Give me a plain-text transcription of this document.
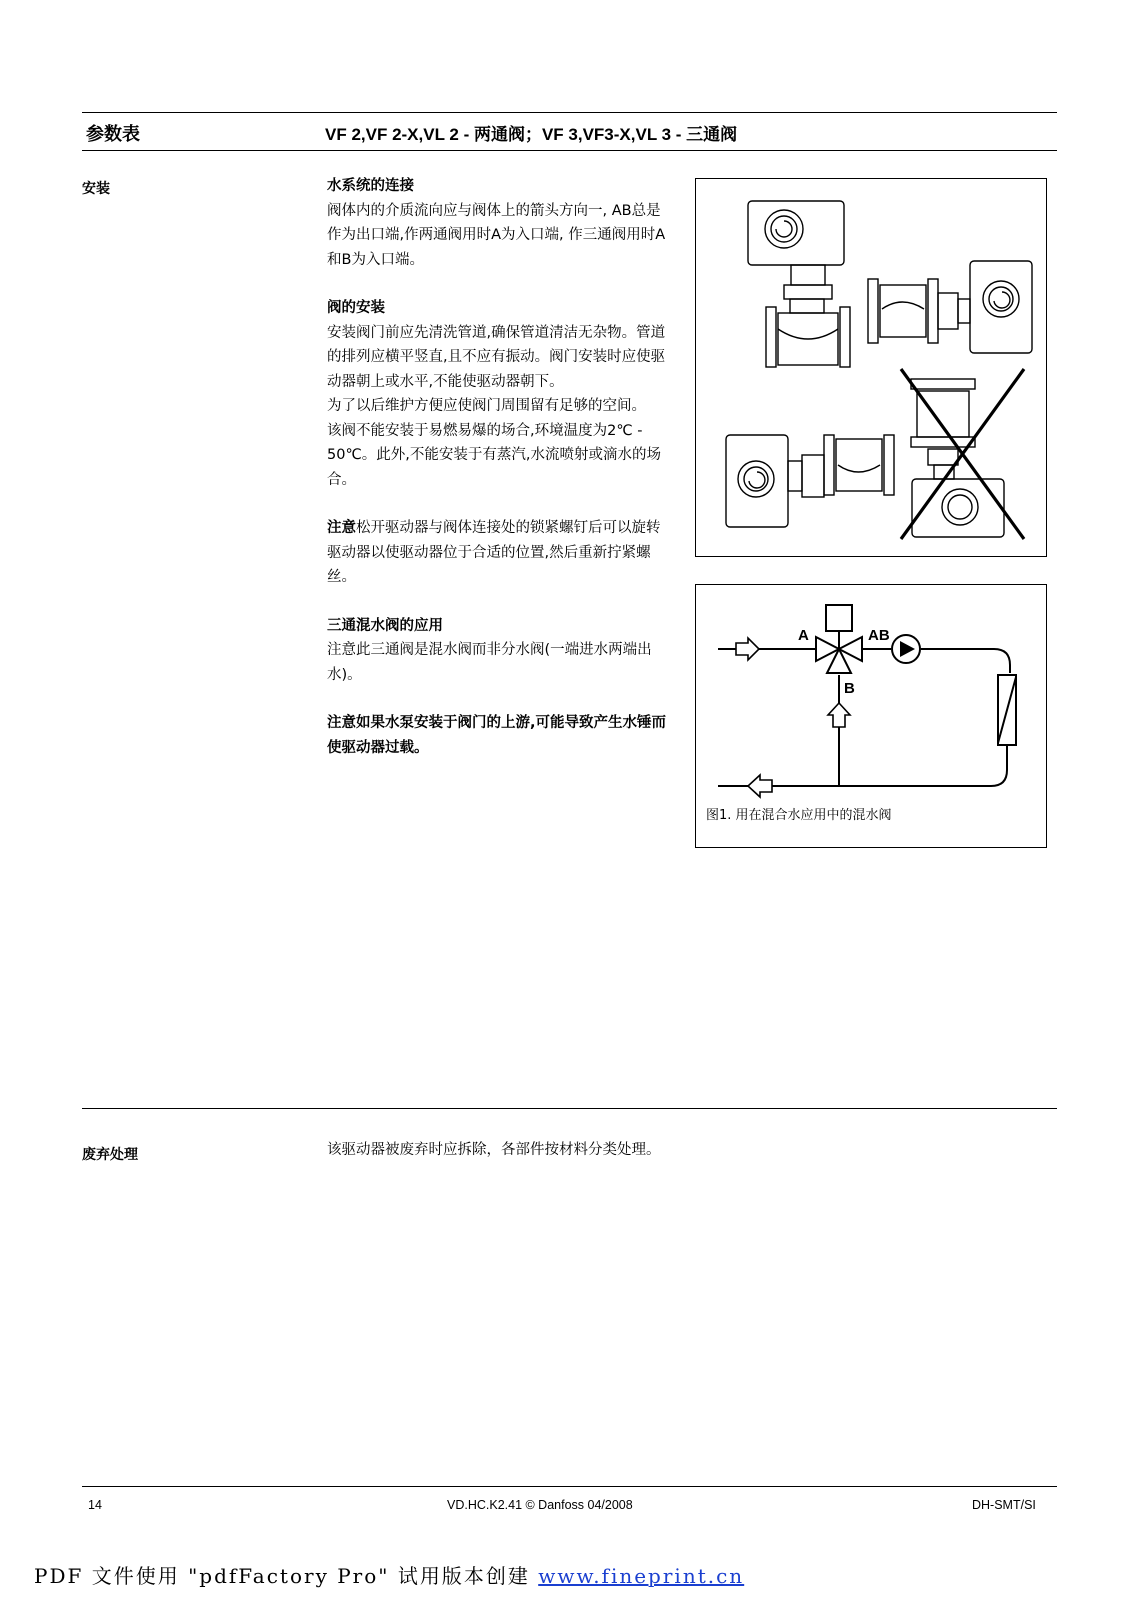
参数表	VF 2,VF 2-X,VL 2 - 两通阀；VF 3,VF3-X,VL 3 - 三通阀
安装	水系统的连接

阀体内的介质流向应与阀体上的箭头方向一, AB总是作为出口端,作两通阀用时A为入口端, 作三通阀用时A和B为入口端。

阀的安装

安装阀门前应先清洗管道,确保管道清洁无杂物。管道的排列应横平竖直,且不应有振动。阀门安装时应使驱动器朝上或水平,不能使驱动器朝下。

为了以后维护方便应使阀门周围留有足够的空间。

该阀不能安装于易燃易爆的场合,环境温度为2℃ - 50℃。此外,不能安装于有蒸汽,水流喷射或滴水的场合。

注意松开驱动器与阀体连接处的锁紧螺钉后可以旋转驱动器以使驱动器位于合适的位置,然后重新拧紧螺丝。

三通混水阀的应用

注意此三通阀是混水阀而非分水阀(一端进水两端出水)。

注意如果水泵安装于阀门的上游,可能导致产生水锤而使驱动器过载。

A	AB
B
图1. 用在混合水应用中的混水阀
废弃处理	该驱动器被废弃时应拆除，各部件按材料分类处理。
14	VD.HC.K2.41 © Danfoss 04/2008	DH-SMT/SI
PDF 文件使用 "pdfFactory Pro" 试用版本创建 www.fineprint.cn
